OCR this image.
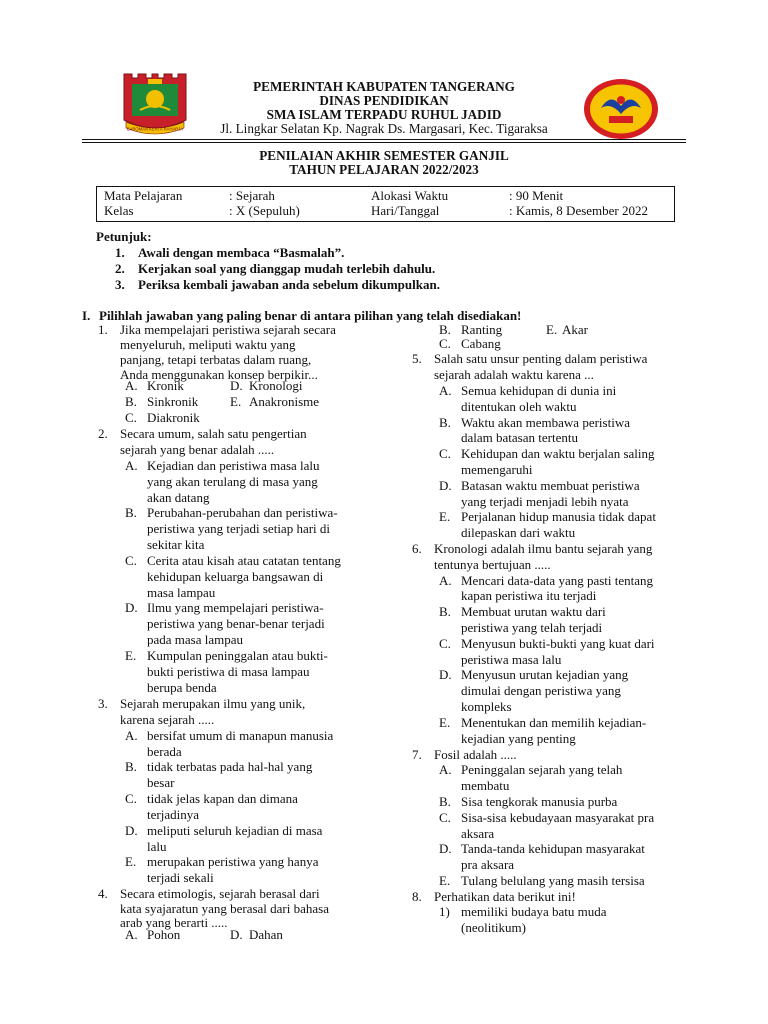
BAROMAN KERTA RAHARJA
PEMERINTAH KABUPATEN TANGERANG
DINAS PENDIDIKAN
SMA ISLAM TERPADU RUHUL JADID
Jl. Lingkar Selatan Kp. Nagrak Ds. Margasari, Kec. Tigaraksa
PENILAIAN AKHIR SEMESTER GANJIL
TAHUN PELAJARAN 2022/2023
Mata Pelajaran	: Sejarah	Alokasi Waktu	: 90 Menit
Kelas	: X (Sepuluh)	Hari/Tanggal	: Kamis, 8 Desember 2022
Petunjuk:
1. Awali dengan membaca “Basmalah”.
2. Kerjakan soal yang dianggap mudah terlebih dahulu.
3. Periksa kembali jawaban anda sebelum dikumpulkan.
I. Pilihlah jawaban yang paling benar di antara pilihan yang telah disediakan!
1. Jika mempelajari peristiwa sejarah secara
menyeluruh, meliputi waktu yang
panjang, tetapi terbatas dalam ruang,
Anda menggunakan konsep berpikir...
A. Kronik	D. Kronologi
B. Sinkronik E. Anakronisme
C. Diakronik
2. Secara umum, salah satu pengertian
sejarah yang benar adalah .....
A. Kejadian dan peristiwa masa lalu
yang akan terulang di masa yang
akan datang
B. Perubahan-perubahan dan peristiwa-
peristiwa yang terjadi setiap hari di
sekitar kita
C. Cerita atau kisah atau catatan tentang
kehidupan keluarga bangsawan di
masa lampau
D. Ilmu yang mempelajari peristiwa-
peristiwa yang benar-benar terjadi
pada masa lampau
E. Kumpulan peninggalan atau bukti-
bukti peristiwa di masa lampau
berupa benda
3. Sejarah merupakan ilmu yang unik,
karena sejarah .....
A. bersifat umum di manapun manusia
berada
B. tidak terbatas pada hal-hal yang
besar
C. tidak jelas kapan dan dimana
terjadinya
D. meliputi seluruh kejadian di masa
lalu
E. merupakan peristiwa yang hanya
terjadi sekali
4. Secara etimologis, sejarah berasal dari
kata syajaratun yang berasal dari bahasa
arab yang berarti .....
A. Pohon	D. Dahan
B. Ranting	E. Akar
C. Cabang
5. Salah satu unsur penting dalam peristiwa
sejarah adalah waktu karena ...
A. Semua kehidupan di dunia ini
ditentukan oleh waktu
B. Waktu akan membawa peristiwa
dalam batasan tertentu
C. Kehidupan dan waktu berjalan saling
memengaruhi
D. Batasan waktu membuat peristiwa
yang terjadi menjadi lebih nyata
E. Perjalanan hidup manusia tidak dapat
dilepaskan dari waktu
6. Kronologi adalah ilmu bantu sejarah yang
tentunya bertujuan .....
A. Mencari data-data yang pasti tentang
kapan peristiwa itu terjadi
B. Membuat urutan waktu dari
peristiwa yang telah terjadi
C. Menyusun bukti-bukti yang kuat dari
peristiwa masa lalu
D. Menyusun urutan kejadian yang
dimulai dengan peristiwa yang
kompleks
E. Menentukan dan memilih kejadian-
kejadian yang penting
7. Fosil adalah .....
A. Peninggalan sejarah yang telah
membatu
B. Sisa tengkorak manusia purba
C. Sisa-sisa kebudayaan masyarakat pra
aksara
D. Tanda-tanda kehidupan masyarakat
pra aksara
E. Tulang belulang yang masih tersisa
8. Perhatikan data berikut ini!
1) memiliki budaya batu muda
(neolitikum)
